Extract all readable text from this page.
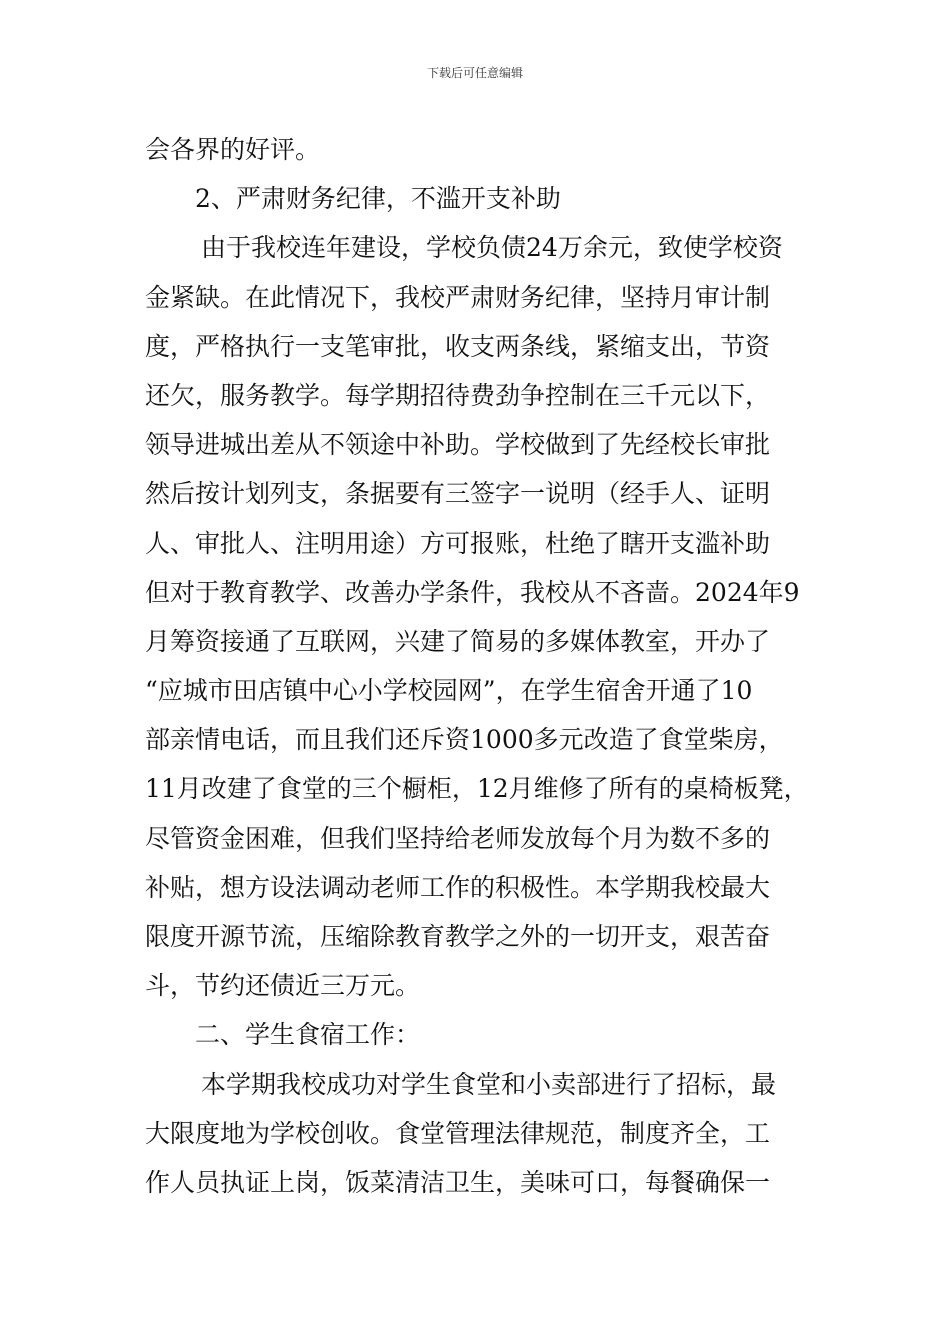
下载后可任意编辑
会各界的好评。
2、严肃财务纪律，不滥开支补助
由于我校连年建设，学校负债24万余元，致使学校资
金紧缺。在此情况下，我校严肃财务纪律，坚持月审计制
度，严格执行一支笔审批，收支两条线，紧缩支出，节资
还欠，服务教学。每学期招待费劲争控制在三千元以下，
领导进城出差从不领途中补助。学校做到了先经校长审批
然后按计划列支，条据要有三签字一说明（经手人、证明
人、审批人、注明用途）方可报账，杜绝了瞎开支滥补助
但对于教育教学、改善办学条件，我校从不吝啬。2024年9
月筹资接通了互联网，兴建了简易的多媒体教室，开办了
“应城市田店镇中心小学校园网”，在学生宿舍开通了10
部亲情电话，而且我们还斥资1000多元改造了食堂柴房，
11月改建了食堂的三个橱柜，12月维修了所有的桌椅板凳，
尽管资金困难，但我们坚持给老师发放每个月为数不多的
补贴，想方设法调动老师工作的积极性。本学期我校最大
限度开源节流，压缩除教育教学之外的一切开支，艰苦奋
斗，节约还债近三万元。
二、学生食宿工作：
本学期我校成功对学生食堂和小卖部进行了招标，最
大限度地为学校创收。食堂管理法律规范，制度齐全，工
作人员执证上岗，饭菜清洁卫生，美味可口，每餐确保一
